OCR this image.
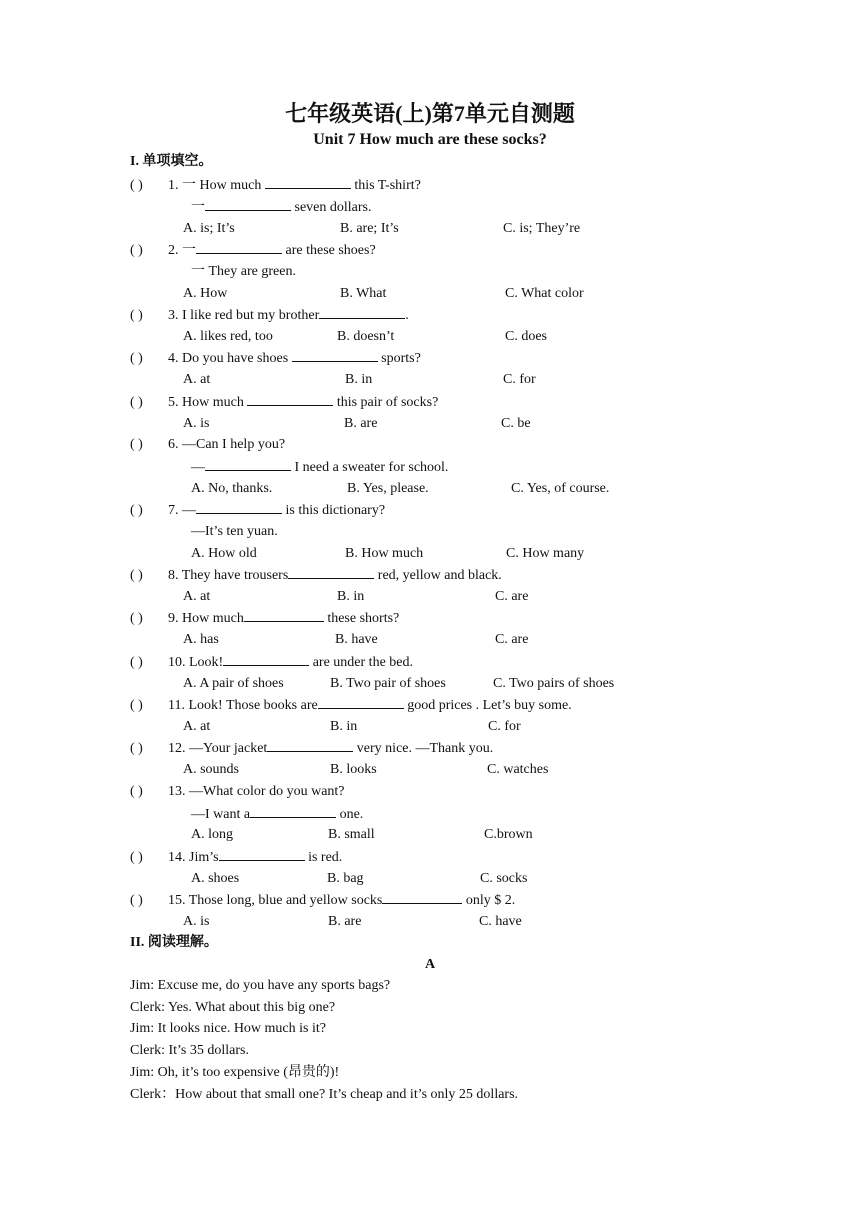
七年级英语(上)第7单元自测题
Unit 7 How much are these socks?
I. 单项填空。
( ) 1. 一 How much	this T-shirt?
一	seven dollars.
A. is; It’s	B. are; It’s	C. is; They’re
( ) 2. 一	are these shoes?
一 They are green.
A. How	B. What	C. What color
( ) 3. I like red but my brother	.
A. likes red, too	B. doesn’t	C. does
( ) 4. Do you have shoes	sports?
A. at	B. in	C. for
( ) 5. How much	this pair of socks?
A. is	B. are	C. be
( ) 6. —Can I help you?
—	I need a sweater for school.
A. No, thanks.	B. Yes, please.	C. Yes, of course.
( ) 7. —	is this dictionary?
—It’s ten yuan.
A. How old	B. How much	C. How many
( ) 8. They have trousers	red, yellow and black.
A. at	B. in	C. are
( ) 9. How much	these shorts?
A. has	B. have	C. are
( ) 10. Look!	are under the bed.
A. A pair of shoes	B. Two pair of shoes	C. Two pairs of shoes
( ) 11. Look! Those books are	good prices . Let’s buy some.
A. at	B. in	C. for
( ) 12. —Your jacket	very nice. —Thank you.
A. sounds	B. looks	C. watches
( ) 13. —What color do you want?
—I want a	one.
A. long	B. small	C.brown
( ) 14. Jim’s	is red.
A. shoes	B. bag	C. socks
( ) 15. Those long, blue and yellow socks	only $ 2.
A. is	B. are	C. have
II. 阅读理解。
A
Jim: Excuse me, do you have any sports bags?
Clerk: Yes. What about this big one?
Jim: It looks nice. How much is it?
Clerk: It’s 35 dollars.
Jim: Oh, it’s too expensive (昂贵的)!
Clerk：How about that small one? It’s cheap and it’s only 25 dollars.
